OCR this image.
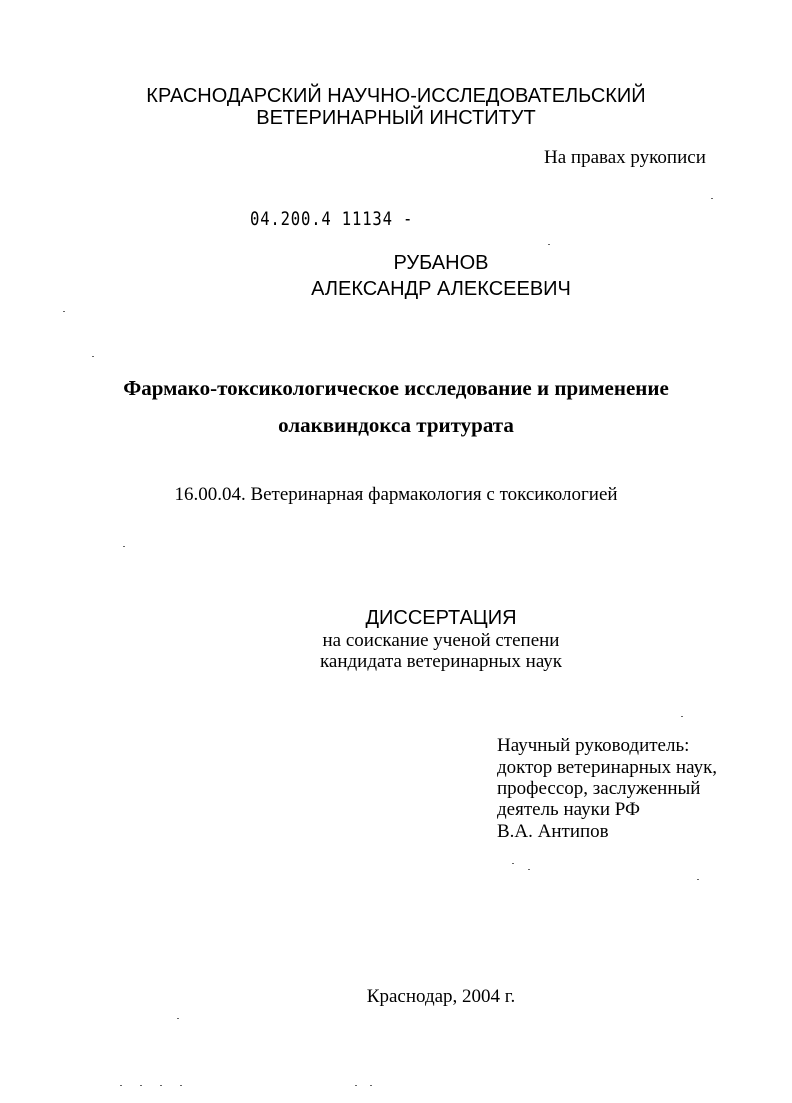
КРАСНОДАРСКИЙ НАУЧНО-ИССЛЕДОВАТЕЛЬСКИЙ
ВЕТЕРИНАРНЫЙ ИНСТИТУТ
На правах рукописи
04.200.4 11134 -
РУБАНОВ
АЛЕКСАНДР АЛЕКСЕЕВИЧ
Фармако-токсикологическое исследование и применение
олаквиндокса тритурата
16.00.04. Ветеринарная фармакология с токсикологией
ДИССЕРТАЦИЯ
на соискание ученой степени
кандидата ветеринарных наук
Научный руководитель:
доктор ветеринарных наук,
профессор, заслуженный
деятель науки РФ
В.А. Антипов
Краснодар, 2004 г.
